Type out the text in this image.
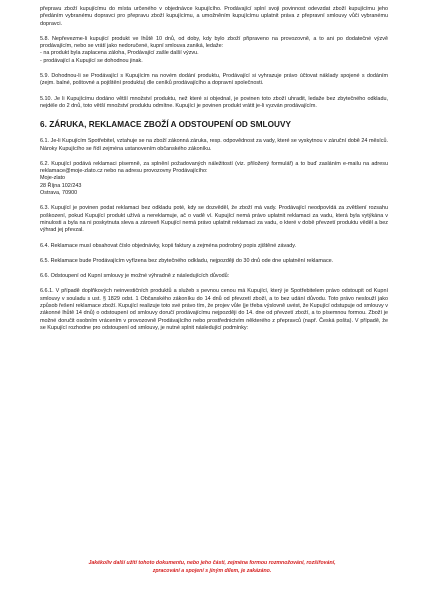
přepravu zboží kupujícímu do místa určeného v objednávce kupujícího. Prodávající splní svoji povinnost odevzdat zboží kupujícímu jeho předáním vybranému dopravci pro přepravu zboží kupujícímu, a umožněním kupujícímu uplatnit práva z přepravní smlouvy vůči vybranému dopravci.

5.8. Nepřevezme-li kupující produkt ve lhůtě 10 dnů, od doby, kdy bylo zboží připraveno na provozovně, a to ani po dodatečné výzvě prodávajícím, nebo se vrátí jako nedoručené, kupní smlouva zaniká, ledaže:
- na produkt byla zaplacena záloha, Prodávající zašle další výzvu.
- prodávající a Kupující se dohodnou jinak.

5.9. Dohodnou-li se Prodávající s Kupujícím na novém dodání produktu, Prodávající si vyhrazuje právo účtovat náklady spojené s dodáním (zejm. balné, poštovné a pojištění produktu) dle ceníků prodávajícího a dopravní společnosti.

5.10. Je li Kupujícímu dodáno větší množství produktu, než které si objednal, je povinen toto zboží uhradit, ledaže bez zbytečného odkladu, nejdéle do 2 dnů, toto větší množství produktu odmítne. Kupující je povinen produkt vrátit je-li vyzván prodávajícím.

6. ZÁRUKA, REKLAMACE ZBOŽÍ A ODSTOUPENÍ OD SMLOUVY

6.1. Je-li Kupujícím Spotřebitel, vztahuje se na zboží zákonná záruka, resp. odpovědnost za vady, které se vyskytnou v záruční době 24 měsíců. Nároky Kupujícího se řídí zejména ustanovením občanského zákoníku.

6.2. Kupující podává reklamaci písemně, za splnění požadovaných náležitostí (viz. přiložený formulář) a to buď zasláním e-mailu na adresu reklamace@moje-zlato.cz nebo na adresu provozovny Prodávajícího:
Moje-zlato
28 Října 102/243
Ostrava, 70900

6.3. Kupující je povinen podat reklamaci bez odkladu poté, kdy se dozvěděl, že zboží má vady. Prodávající neodpovídá za zvětšení rozsahu poškození, pokud Kupující produkt užívá a nereklamuje, ač o vadě ví. Kupující nemá právo uplatnit reklamaci za vadu, která byla vytýkána v minulosti a byla na ni poskytnuta sleva a zároveň Kupující nemá právo uplatnit reklamaci za vadu, o které v době převzetí produktu věděl a bez výhrad jej převzal.

6.4. Reklamace musí obsahovat číslo objednávky, kopii faktury a zejména podrobný popis zjištěné závady.

6.5. Reklamace bude Prodávajícím vyřízena bez zbytečného odkladu, nejpozději do 30 dnů ode dne uplatnění reklamace.

6.6. Odstoupení od Kupní smlouvy je možné výhradně z následujících důvodů:

6.6.1. V případě doplňkových neinvestičních produktů a služeb s pevnou cenou má Kupující, který je Spotřebitelem právo odstoupit od Kupní smlouvy v souladu s ust. § 1829 odst. 1 Občanského zákoníku do 14 dnů od převzetí zboží, a to bez udání důvodu. Toto právo neslouží jako způsob řešení reklamace zboží. Kupující realizuje toto své právo tím, že projev vůle (je třeba výslovně uvést, že Kupující odstupuje od smlouvy v zákonné lhůtě 14 dnů) o odstoupení od smlouvy doručí prodávajícímu nejpozději do 14. dne od převzetí zboží, a to písemnou formou. Zboží je možné doručit osobním vrácením v provozovně Prodávajícího nebo prostřednictvím některého z přepravců (např. Česká pošta). V případě, že se Kupující rozhodne pro odstoupení od smlouvy, je nutné splnit následující podmínky:

Jakékoliv další užití tohoto dokumentu, nebo jeho části, zejména formou rozmnožování, rozšiřování,
zpracování a spojení s jiným dílem, je zakázáno.
